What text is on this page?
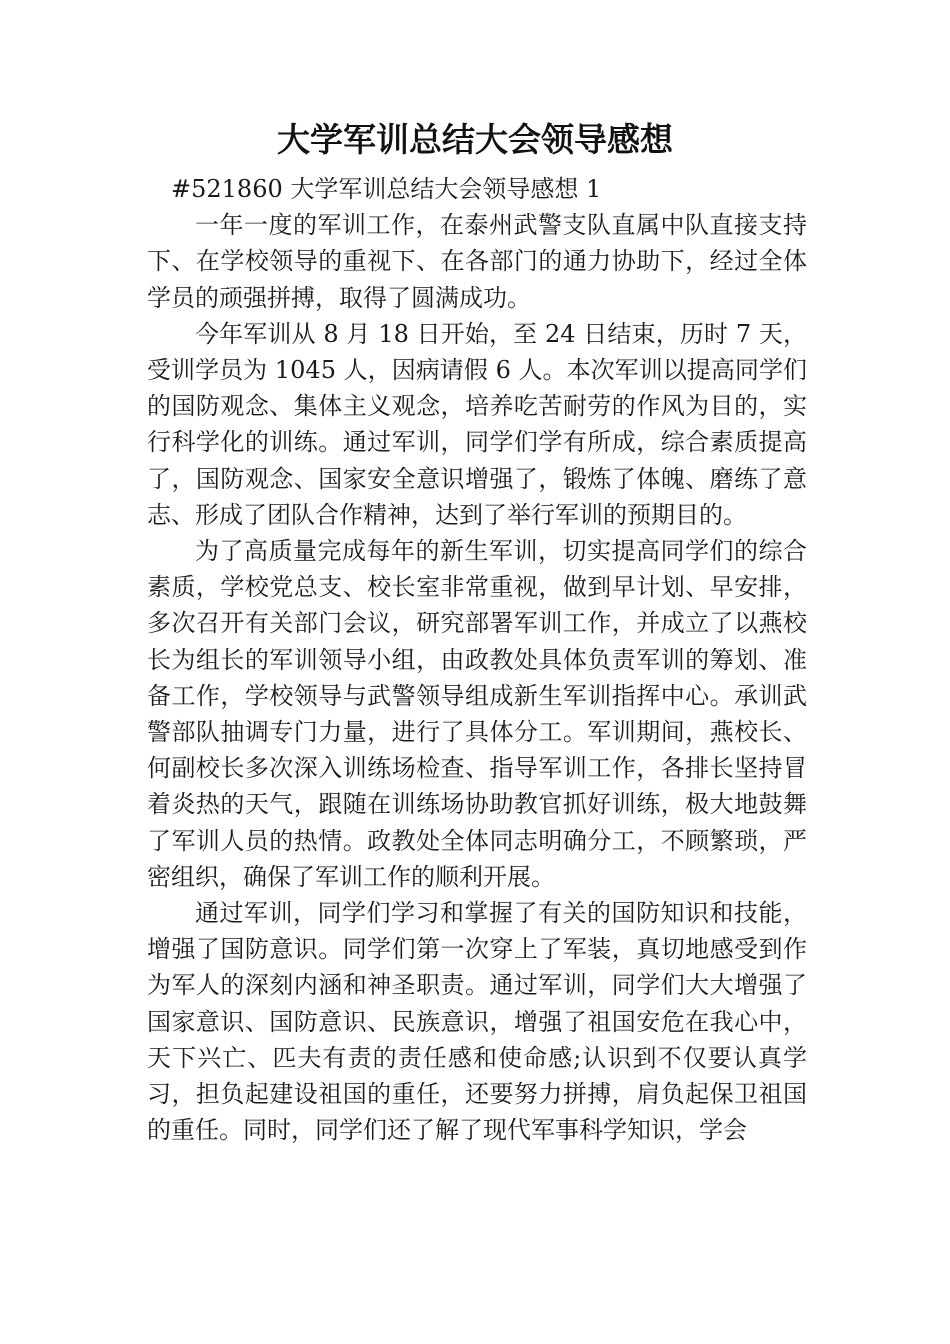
大学军训总结大会领导感想

#521860 大学军训总结大会领导感想 1

一年一度的军训工作，在泰州武警支队直属中队直接支持下、在学校领导的重视下、在各部门的通力协助下，经过全体学员的顽强拼搏，取得了圆满成功。

今年军训从 8 月 18 日开始，至 24 日结束，历时 7 天，受训学员为 1045 人，因病请假 6 人。本次军训以提高同学们的国防观念、集体主义观念，培养吃苦耐劳的作风为目的，实行科学化的训练。通过军训，同学们学有所成，综合素质提高了，国防观念、国家安全意识增强了，锻炼了体魄、磨练了意志、形成了团队合作精神，达到了举行军训的预期目的。

为了高质量完成每年的新生军训，切实提高同学们的综合素质，学校党总支、校长室非常重视，做到早计划、早安排，多次召开有关部门会议，研究部署军训工作，并成立了以燕校长为组长的军训领导小组，由政教处具体负责军训的筹划、准备工作，学校领导与武警领导组成新生军训指挥中心。承训武警部队抽调专门力量，进行了具体分工。军训期间，燕校长、何副校长多次深入训练场检查、指导军训工作，各排长坚持冒着炎热的天气，跟随在训练场协助教官抓好训练，极大地鼓舞了军训人员的热情。政教处全体同志明确分工，不顾繁琐，严密组织，确保了军训工作的顺利开展。

通过军训，同学们学习和掌握了有关的国防知识和技能，增强了国防意识。同学们第一次穿上了军装，真切地感受到作为军人的深刻内涵和神圣职责。通过军训，同学们大大增强了国家意识、国防意识、民族意识，增强了祖国安危在我心中，天下兴亡、匹夫有责的责任感和使命感;认识到不仅要认真学习，担负起建设祖国的重任，还要努力拼搏，肩负起保卫祖国的重任。同时，同学们还了解了现代军事科学知识，学会
